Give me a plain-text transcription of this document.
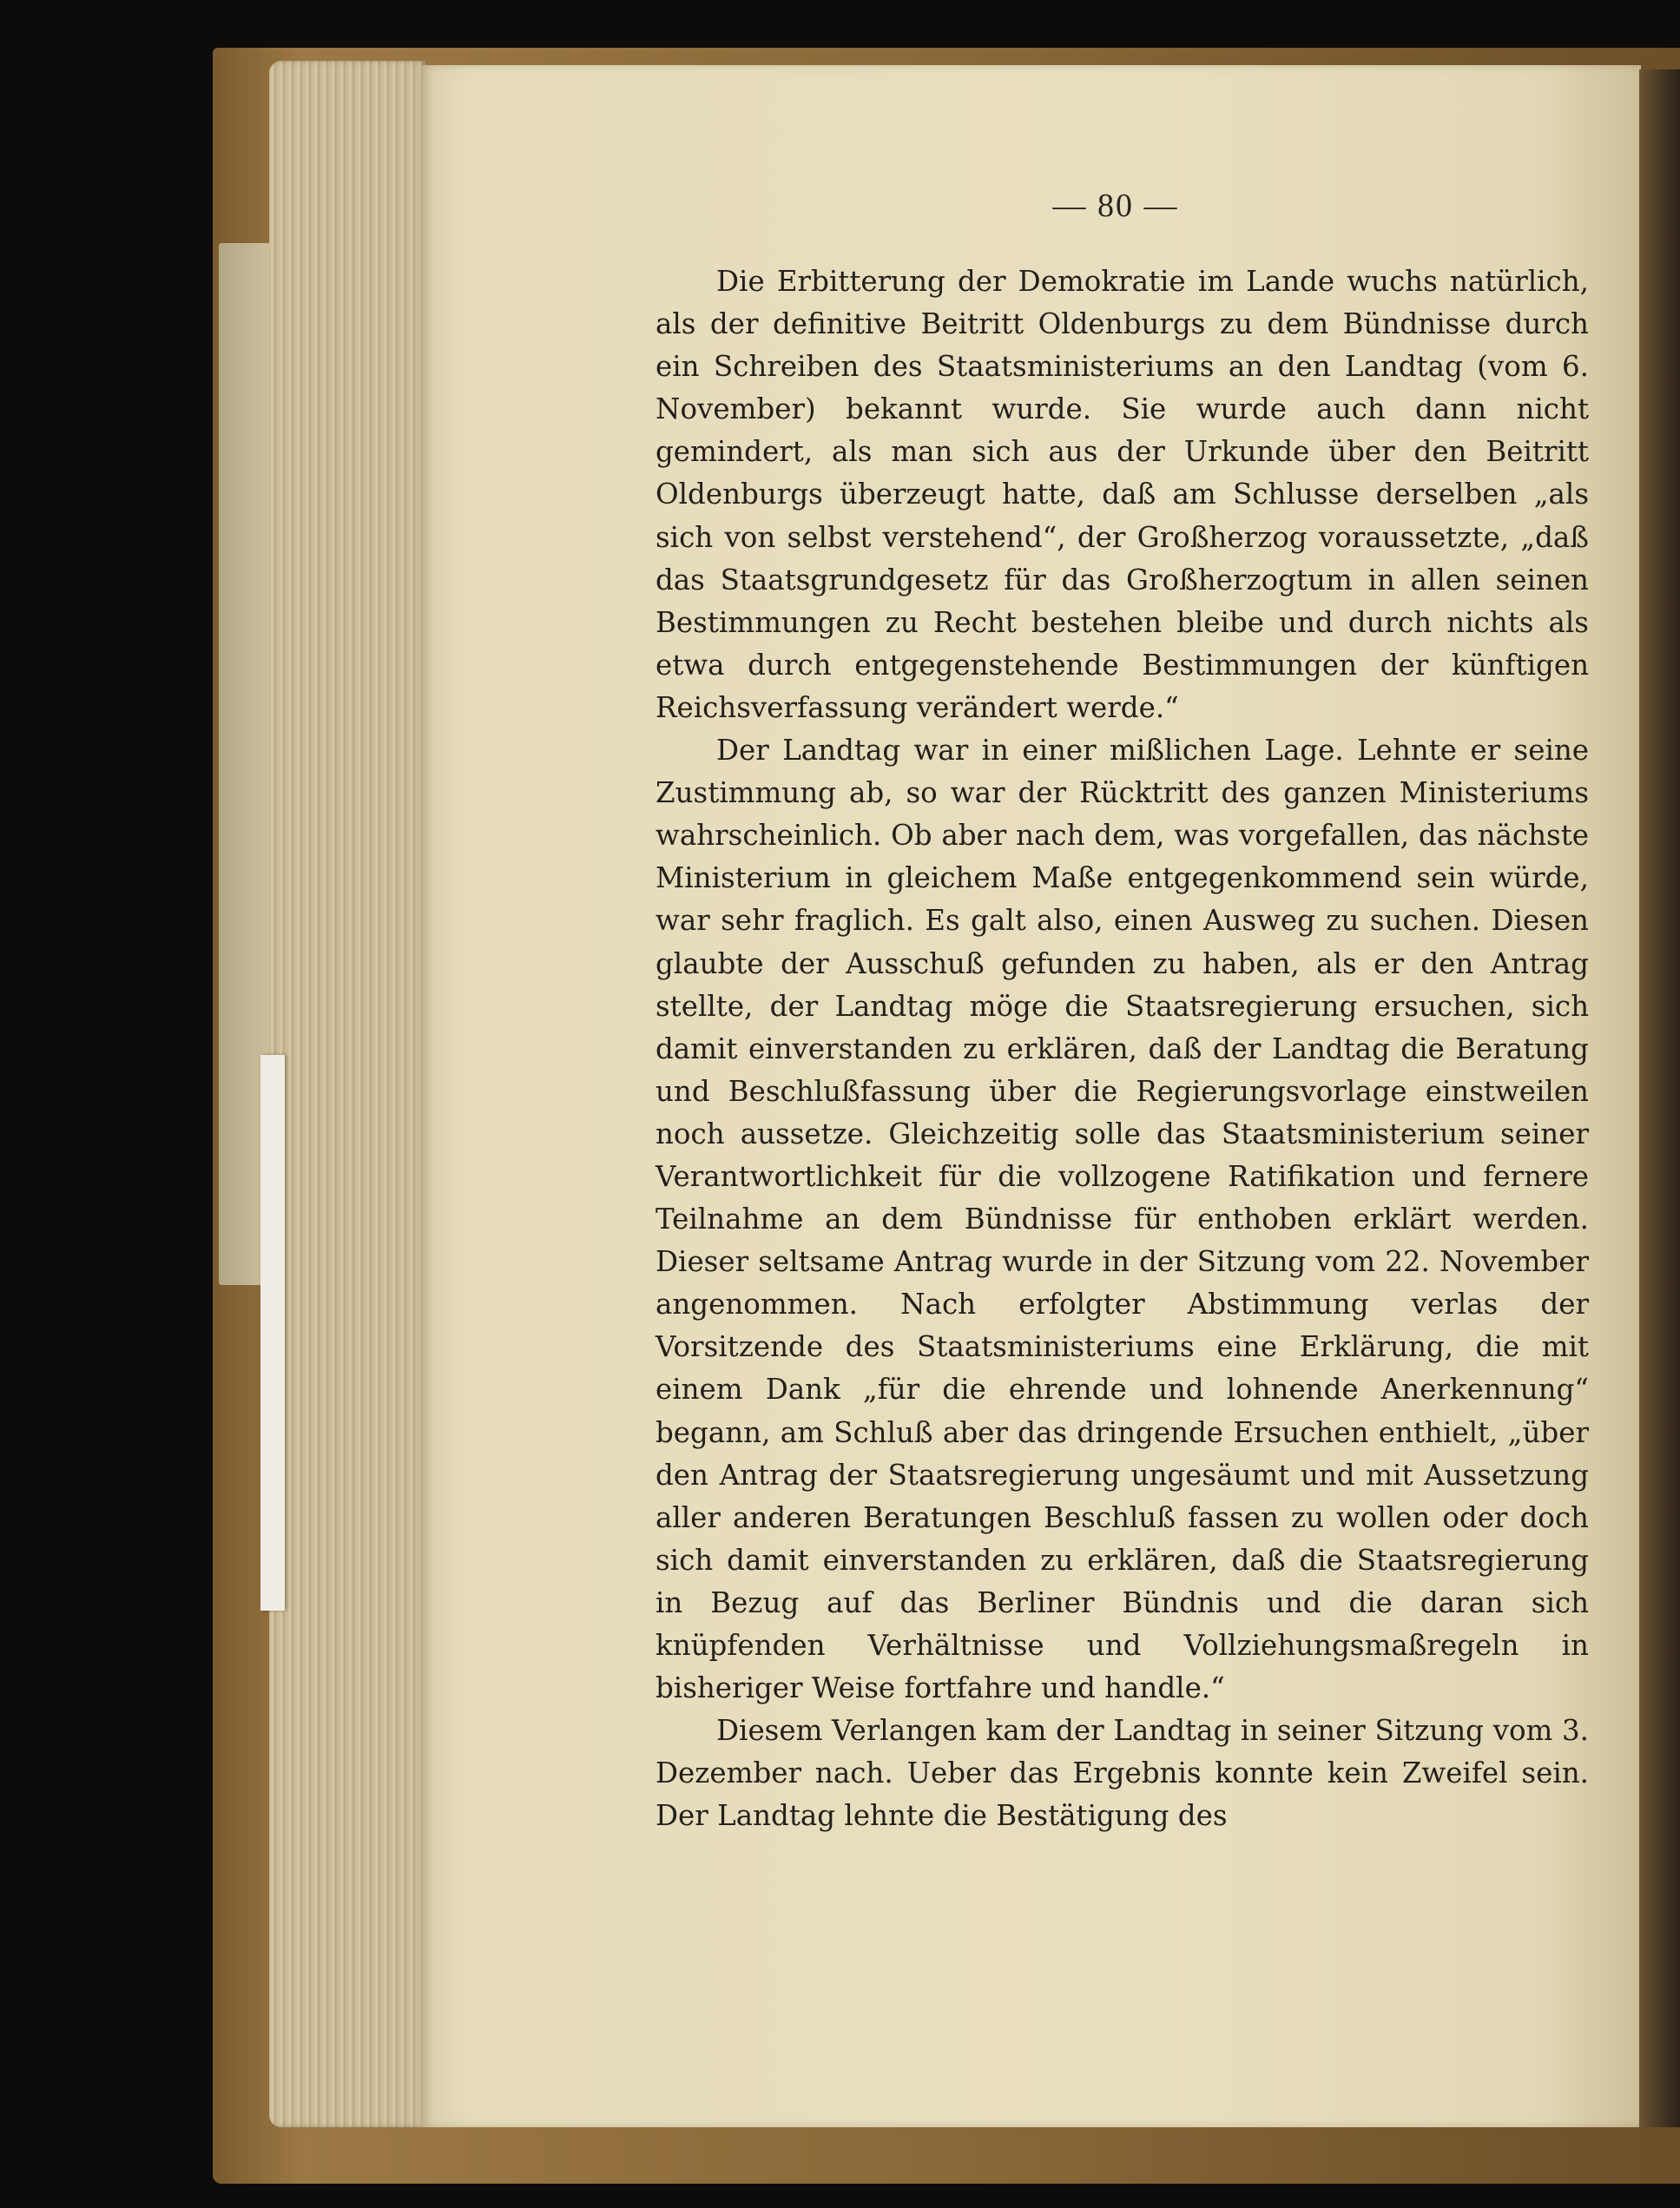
— 80 —

Die Erbitterung der Demokratie im Lande wuchs natürlich, als der definitive Beitritt Oldenburgs zu dem Bündnisse durch ein Schreiben des Staatsministeriums an den Landtag (vom 6. November) bekannt wurde. Sie wurde auch dann nicht gemindert, als man sich aus der Urkunde über den Beitritt Oldenburgs überzeugt hatte, daß am Schlusse derselben „als sich von selbst verstehend“, der Großherzog voraussetzte, „daß das Staatsgrundgesetz für das Großherzogtum in allen seinen Bestimmungen zu Recht bestehen bleibe und durch nichts als etwa durch entgegenstehende Bestimmungen der künftigen Reichsverfassung verändert werde.“

Der Landtag war in einer mißlichen Lage. Lehnte er seine Zustimmung ab, so war der Rücktritt des ganzen Ministeriums wahrscheinlich. Ob aber nach dem, was vorgefallen, das nächste Ministerium in gleichem Maße entgegenkommend sein würde, war sehr fraglich. Es galt also, einen Ausweg zu suchen. Diesen glaubte der Ausschuß gefunden zu haben, als er den Antrag stellte, der Landtag möge die Staatsregierung ersuchen, sich damit einverstanden zu erklären, daß der Landtag die Beratung und Beschlußfassung über die Regierungsvorlage einstweilen noch aussetze. Gleichzeitig solle das Staatsministerium seiner Verantwortlichkeit für die vollzogene Ratifikation und fernere Teilnahme an dem Bündnisse für enthoben erklärt werden. Dieser seltsame Antrag wurde in der Sitzung vom 22. November angenommen. Nach erfolgter Abstimmung verlas der Vorsitzende des Staatsministeriums eine Erklärung, die mit einem Dank „für die ehrende und lohnende Anerkennung“ begann, am Schluß aber das dringende Ersuchen enthielt, „über den Antrag der Staatsregierung ungesäumt und mit Aussetzung aller anderen Beratungen Beschluß fassen zu wollen oder doch sich damit einverstanden zu erklären, daß die Staatsregierung in Bezug auf das Berliner Bündnis und die daran sich knüpfenden Verhältnisse und Vollziehungsmaßregeln in bisheriger Weise fortfahre und handle.“

Diesem Verlangen kam der Landtag in seiner Sitzung vom 3. Dezember nach. Ueber das Ergebnis konnte kein Zweifel sein. Der Landtag lehnte die Bestätigung des
